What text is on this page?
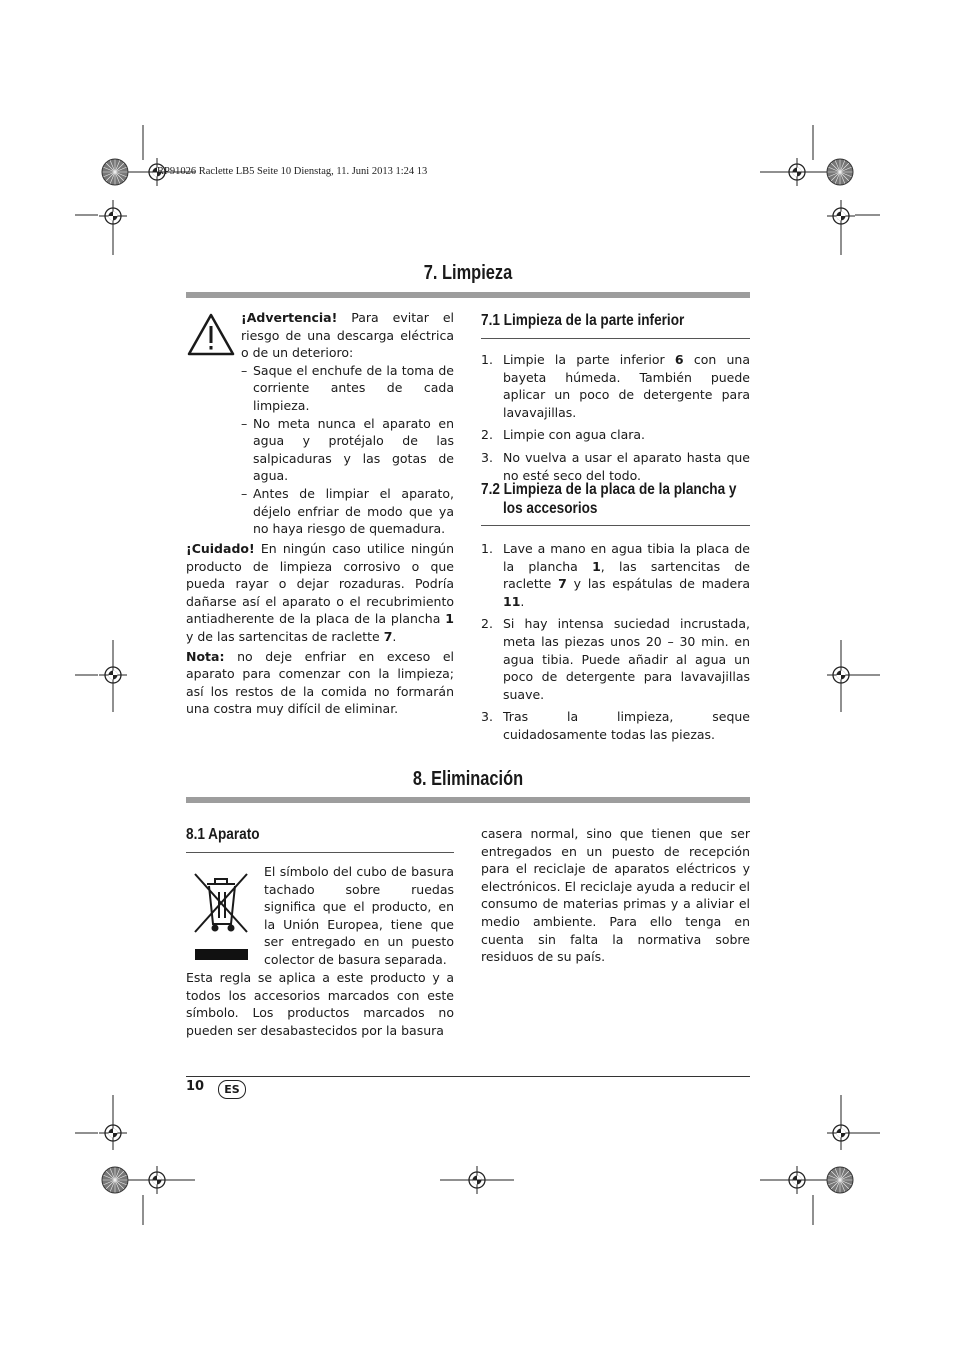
RP91026 Raclette LB5 Seite 10 Dienstag, 11. Juni 2013 1:24 13
7. Limpieza
¡Advertencia! Para evitar el riesgo de una descarga eléctrica o de un deterioro:
– Saque el enchufe de la toma de corriente antes de cada limpieza.
– No meta nunca el aparato en agua y protéjalo de las salpicaduras y las gotas de agua.
– Antes de limpiar el aparato, déjelo enfriar de modo que ya no haya riesgo de quemadura.
¡Cuidado! En ningún caso utilice ningún producto de limpieza corrosivo o que pueda rayar o dejar rozaduras. Podría dañarse así el aparato o el recubrimiento antiadherente de la placa de la plancha 1 y de las sartencitas de raclette 7.
Nota: no deje enfriar en exceso el aparato para comenzar con la limpieza; así los restos de la comida no formarán una costra muy difícil de eliminar.
7.1 Limpieza de la parte inferior
1. Limpie la parte inferior 6 con una bayeta húmeda. También puede aplicar un poco de detergente para lavavajillas.
2. Limpie con agua clara.
3. No vuelva a usar el aparato hasta que no esté seco del todo.
7.2 Limpieza de la placa de la plancha y
los accesorios
1. Lave a mano en agua tibia la placa de la plancha 1, las sartencitas de raclette 7 y las espátulas de madera 11.
2. Si hay intensa suciedad incrustada, meta las piezas unos 20 – 30 min. en agua tibia. Puede añadir al agua un poco de detergente para lavavajillas suave.
3. Tras la limpieza, seque cuidadosamente todas las piezas.
8. Eliminación
8.1 Aparato
El símbolo del cubo de basura tachado sobre ruedas significa que el producto, en la Unión Europea, tiene que ser entregado en un puesto colector de basura separada.
Esta regla se aplica a este producto y a todos los accesorios marcados con este símbolo. Los productos marcados no pueden ser desabastecidos por la basura
casera normal, sino que tienen que ser entregados en un puesto de recepción para el reciclaje de aparatos eléctricos y electrónicos. El reciclaje ayuda a reducir el consumo de materias primas y a aliviar el medio ambiente. Para ello tenga en cuenta sin falta la normativa sobre residuos de su país.
10	ES
